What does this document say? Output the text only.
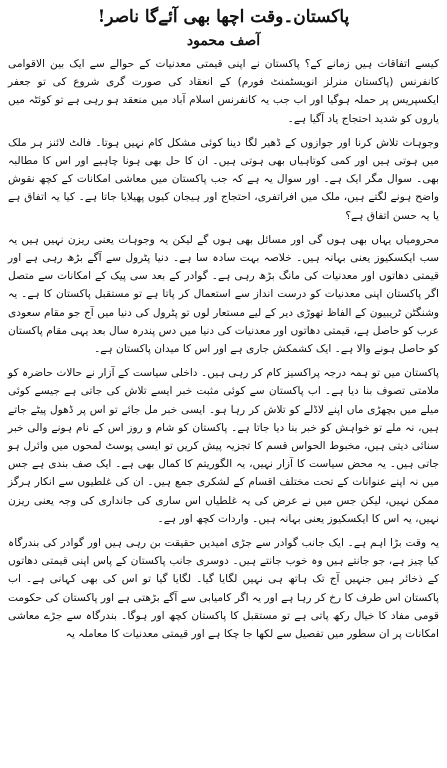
پاکستان۔وقت اچھا بھی آئےگا ناصر!
آصف محمود

کیسے اتفاقات ہیں زمانے کے؟ پاکستان نے اپنی قیمتی معدنیات کے حوالے سے ایک بین الاقوامی کانفرنس (پاکستان منرلز انویسٹمنٹ فورم) کے انعقاد کی صورت گری شروع کی تو جعفر ایکسپریس پر حملہ ہوگیا اور اب جب یہ کانفرنس اسلام آباد میں منعقد ہو رہی ہے تو کوئٹہ میں یاروں کو شدید احتجاج یاد آگیا ہے۔

وجوہات تلاش کرنا اور جوازوں کے ڈھیر لگا دینا کوئی مشکل کام نہیں ہوتا۔ فالٹ لائنز ہر ملک میں ہوتی ہیں اور کمی کوتاہیاں بھی ہوتی ہیں۔ ان کا حل بھی ہونا چاہیے اور اس کا مطالبہ بھی۔ سوال مگر ایک ہے۔ اور سوال یہ ہے کہ جب پاکستان میں معاشی امکانات کے کچھ نقوش واضح ہونے لگتے ہیں، ملک میں افراتفری، احتجاج اور ہیجان کیوں پھیلایا جاتا ہے۔ کیا یہ اتفاق ہے یا یہ حسن اتفاق ہے؟

محرومیاں یہاں بھی ہوں گی اور مسائل بھی ہوں گے لیکن یہ وجوہات یعنی ریزن نہیں ہیں یہ سب ایکسکیوز یعنی بہانہ ہیں۔ خلاصہ بہت سادہ سا ہے۔ دنیا پٹرول سے آگے بڑھ رہی ہے اور قیمتی دھاتوں اور معدنیات کی مانگ بڑھ رہی ہے۔ گوادر کے بعد سی پیک کے امکانات سے متصل اگر پاکستان اپنی معدنیات کو درست انداز سے استعمال کر پاتا ہے تو مستقبل پاکستان کا ہے۔ یہ وشنگٹن ٹریبیون کے الفاظ تھوڑی دیر کے لیے مستعار لوں تو پٹرول کی دنیا میں آج جو مقام سعودی عرب کو حاصل ہے، قیمتی دھاتوں اور معدنیات کی دنیا میں دس پندرہ سال بعد یہی مقام پاکستان کو حاصل ہونے والا ہے۔ ایک کشمکش جاری ہے اور اس کا میدان پاکستان ہے۔

پاکستان میں تو ہمہ درجہ پراکسیز کام کر رہی ہیں۔ داخلی سیاست کے آزار نے حالات حاضرہ کو ملامتی تصوف بنا دیا ہے۔ اب پاکستان سے کوئی مثبت خبر ایسے تلاش کی جاتی ہے جیسے کوئی میلے میں بچھڑی ماں اپنے لاڈلے کو تلاش کر رہا ہو۔ ایسی خبر مل جائے تو اس پر ڈھول پیٹے جاتے ہیں، نہ ملے تو خواہش کو خبر بنا دیا جاتا ہے۔ پاکستان کو شام و روز اس کے نام ہونے والی خبر سنائی دیتی ہیں، مخبوط الحواس قسم کا تجزیہ پیش کریں تو ایسی پوسٹ لمحوں میں وائرل ہو جاتی ہیں۔ یہ محض سیاست کا آزار نہیں، یہ الگوریتم کا کمال بھی ہے۔ ایک صف بندی ہے جس میں نہ اپنے عنوانات کے تحت مختلف اقسام کے لشکری جمع ہیں۔ ان کی غلطیوں سے انکار ہرگز ممکن نہیں، لیکن جس میں نے عرض کی یہ غلطیاں اس ساری کی جانداری کی وجہ یعنی ریزن نہیں، یہ اس کا ایکسکیوز یعنی بہانہ ہیں۔ واردات کچھ اور ہے۔

یہ وقت بڑا اہم ہے۔ ایک جانب گوادر سے جڑی امیدیں حقیقت بن رہی ہیں اور گوادر کی بندرگاہ کیا چیز ہے، جو جانتے ہیں وہ خوب جانتے ہیں۔ دوسری جانب پاکستان کے پاس اپنی قیمتی دھاتوں کے ذخائر ہیں جنہیں آج تک ہاتھ ہی نہیں لگایا گیا۔ لگایا گیا تو اس کی بھی کہانی ہے۔ اب پاکستان اس طرف کا رخ کر رہا ہے اور یہ اگر کامیابی سے آگے بڑھتی ہے اور پاکستان کی حکومت قومی مفاد کا خیال رکھ پاتی ہے تو مستقبل کا پاکستان کچھ اور ہوگا۔ بندرگاہ سے جڑے معاشی امکانات پر ان سطور میں تفصیل سے لکھا جا چکا ہے اور قیمتی معدنیات کا معاملہ یہ
